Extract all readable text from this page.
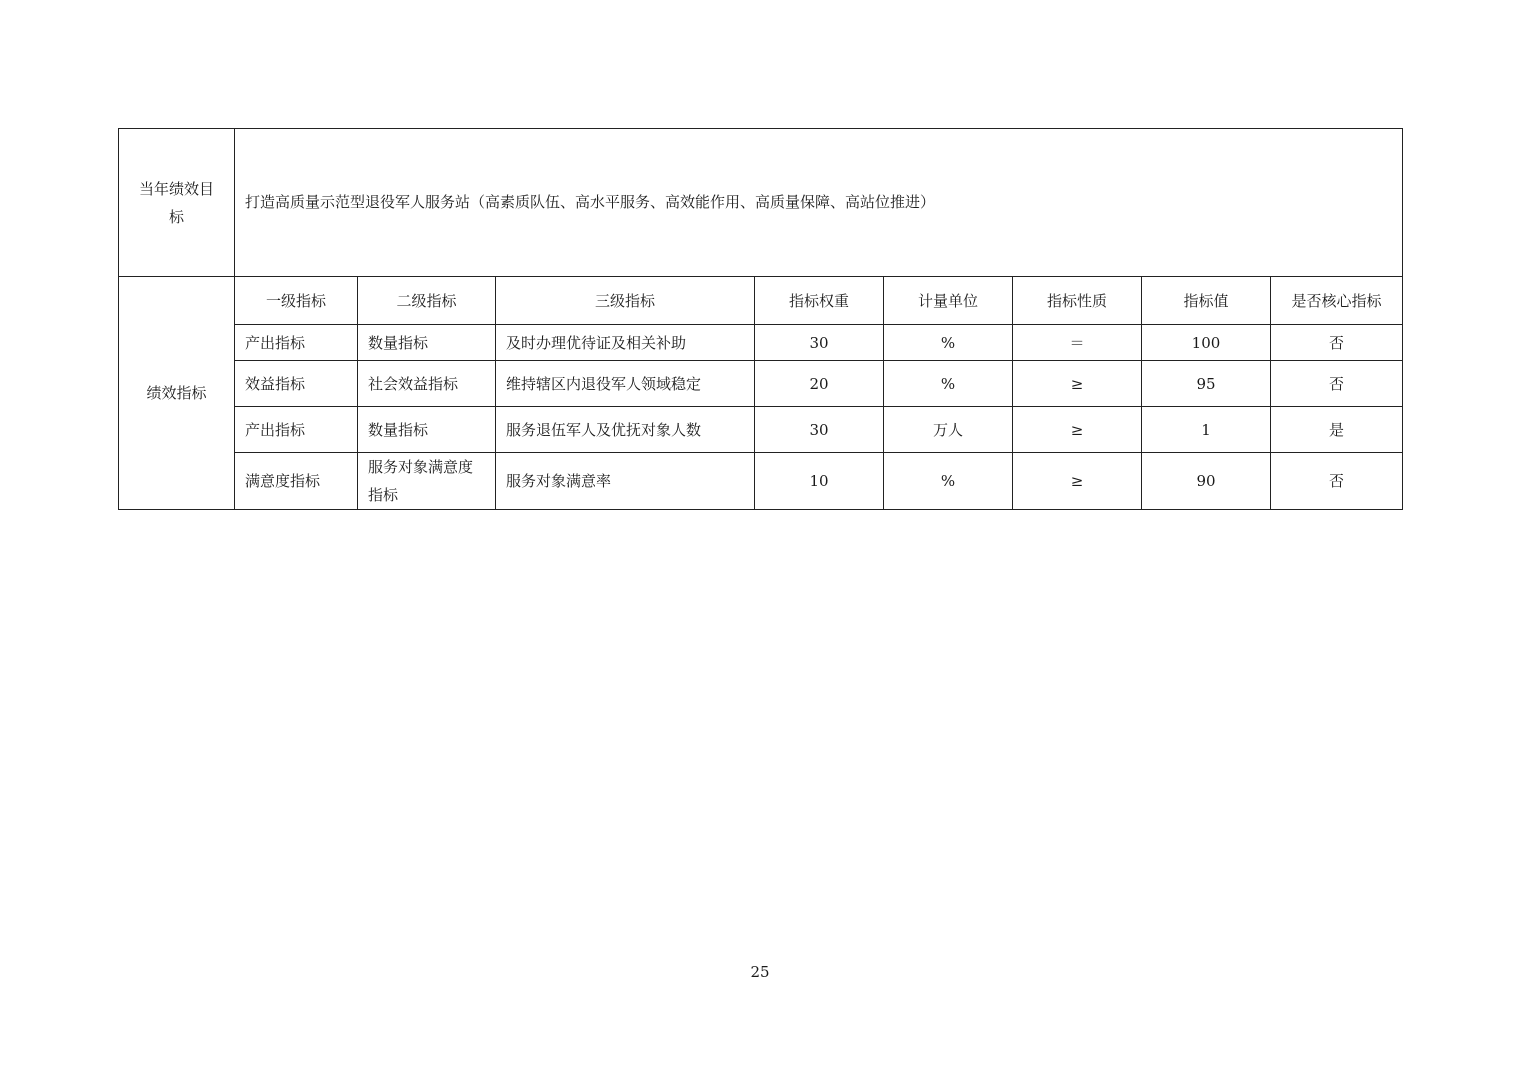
当年绩效目标	打造高质量示范型退役军人服务站（高素质队伍、高水平服务、高效能作用、高质量保障、高站位推进）							
绩效指标	一级指标	二级指标	三级指标	指标权重	计量单位	指标性质	指标值	是否核心指标
	产出指标	数量指标	及时办理优待证及相关补助	30	%	＝	100	否
	效益指标	社会效益指标	维持辖区内退役军人领域稳定	20	%	≥	95	否
	产出指标	数量指标	服务退伍军人及优抚对象人数	30	万人	≥	1	是
	满意度指标	服务对象满意度指标	服务对象满意率	10	%	≥	90	否
25
